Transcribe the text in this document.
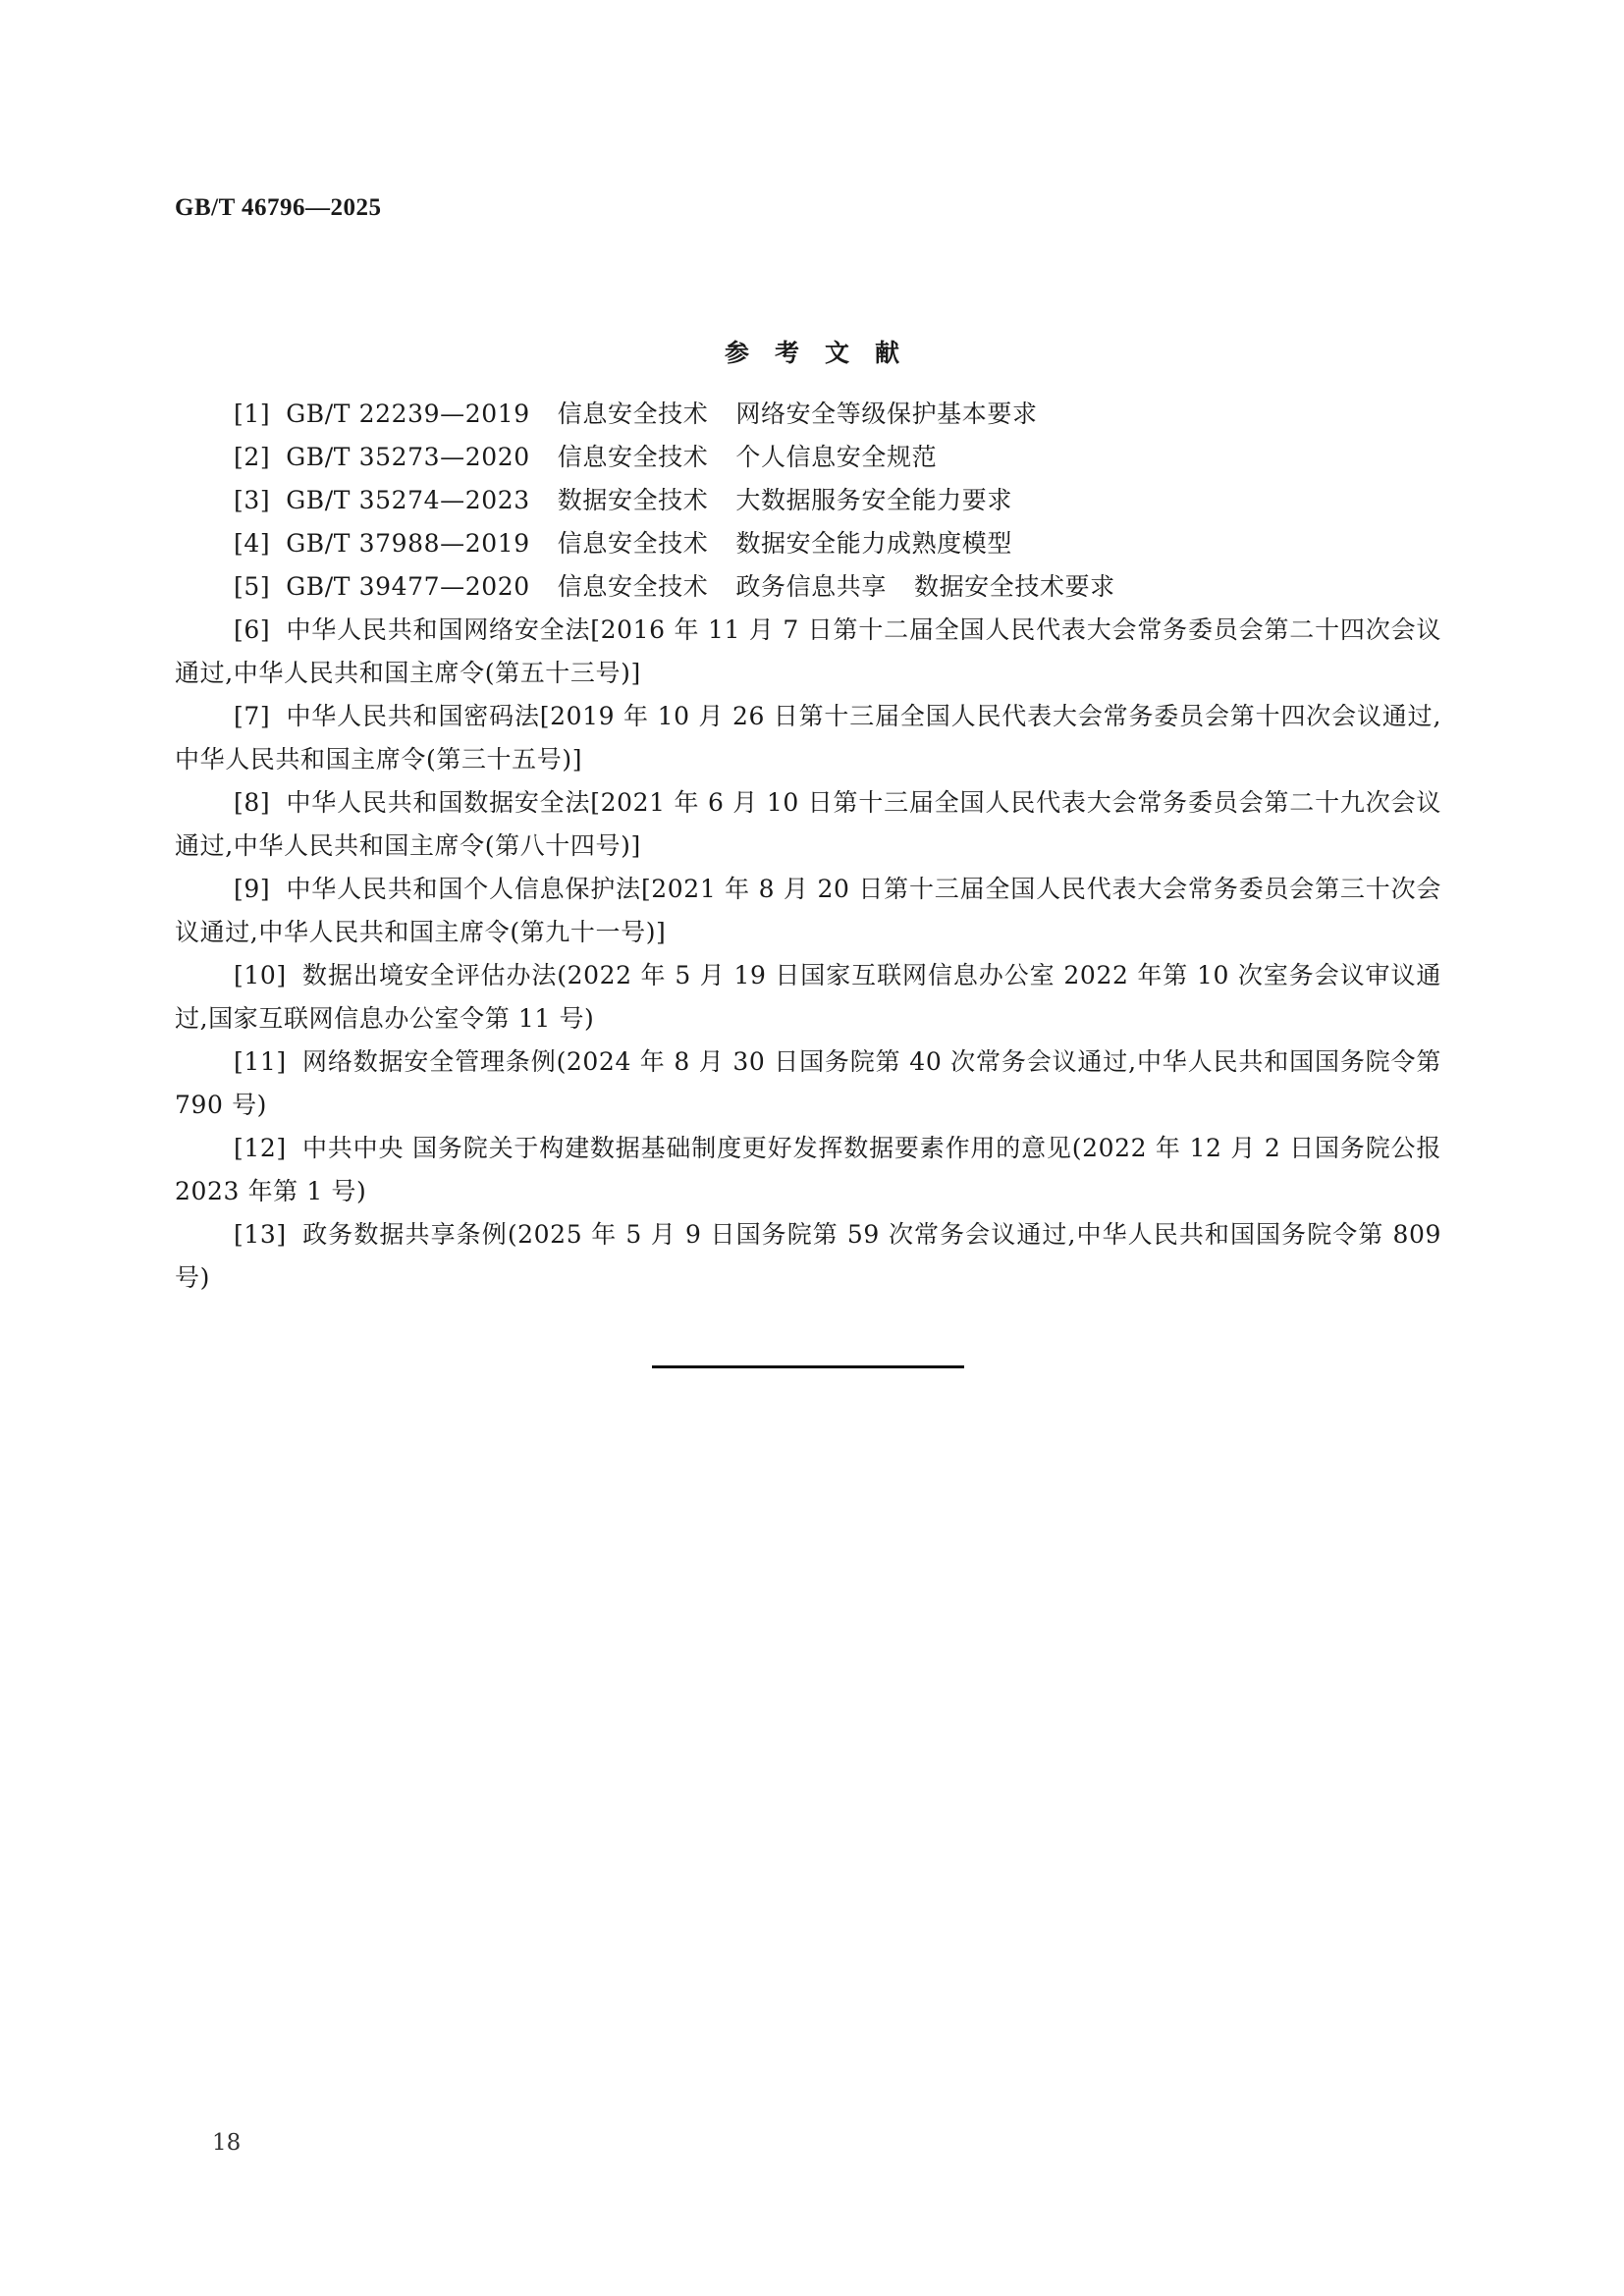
GB/T 46796—2025
参考文献
[1] GB/T 22239—2019 信息安全技术 网络安全等级保护基本要求
[2] GB/T 35273—2020 信息安全技术 个人信息安全规范
[3] GB/T 35274—2023 数据安全技术 大数据服务安全能力要求
[4] GB/T 37988—2019 信息安全技术 数据安全能力成熟度模型
[5] GB/T 39477—2020 信息安全技术 政务信息共享 数据安全技术要求
[6] 中华人民共和国网络安全法[2016 年 11 月 7 日第十二届全国人民代表大会常务委员会第二十四次会议通过,中华人民共和国主席令(第五十三号)]
[7] 中华人民共和国密码法[2019 年 10 月 26 日第十三届全国人民代表大会常务委员会第十四次会议通过,中华人民共和国主席令(第三十五号)]
[8] 中华人民共和国数据安全法[2021 年 6 月 10 日第十三届全国人民代表大会常务委员会第二十九次会议通过,中华人民共和国主席令(第八十四号)]
[9] 中华人民共和国个人信息保护法[2021 年 8 月 20 日第十三届全国人民代表大会常务委员会第三十次会议通过,中华人民共和国主席令(第九十一号)]
[10] 数据出境安全评估办法(2022 年 5 月 19 日国家互联网信息办公室 2022 年第 10 次室务会议审议通过,国家互联网信息办公室令第 11 号)
[11] 网络数据安全管理条例(2024 年 8 月 30 日国务院第 40 次常务会议通过,中华人民共和国国务院令第 790 号)
[12] 中共中央 国务院关于构建数据基础制度更好发挥数据要素作用的意见(2022 年 12 月 2 日国务院公报 2023 年第 1 号)
[13] 政务数据共享条例(2025 年 5 月 9 日国务院第 59 次常务会议通过,中华人民共和国国务院令第 809 号)
18
